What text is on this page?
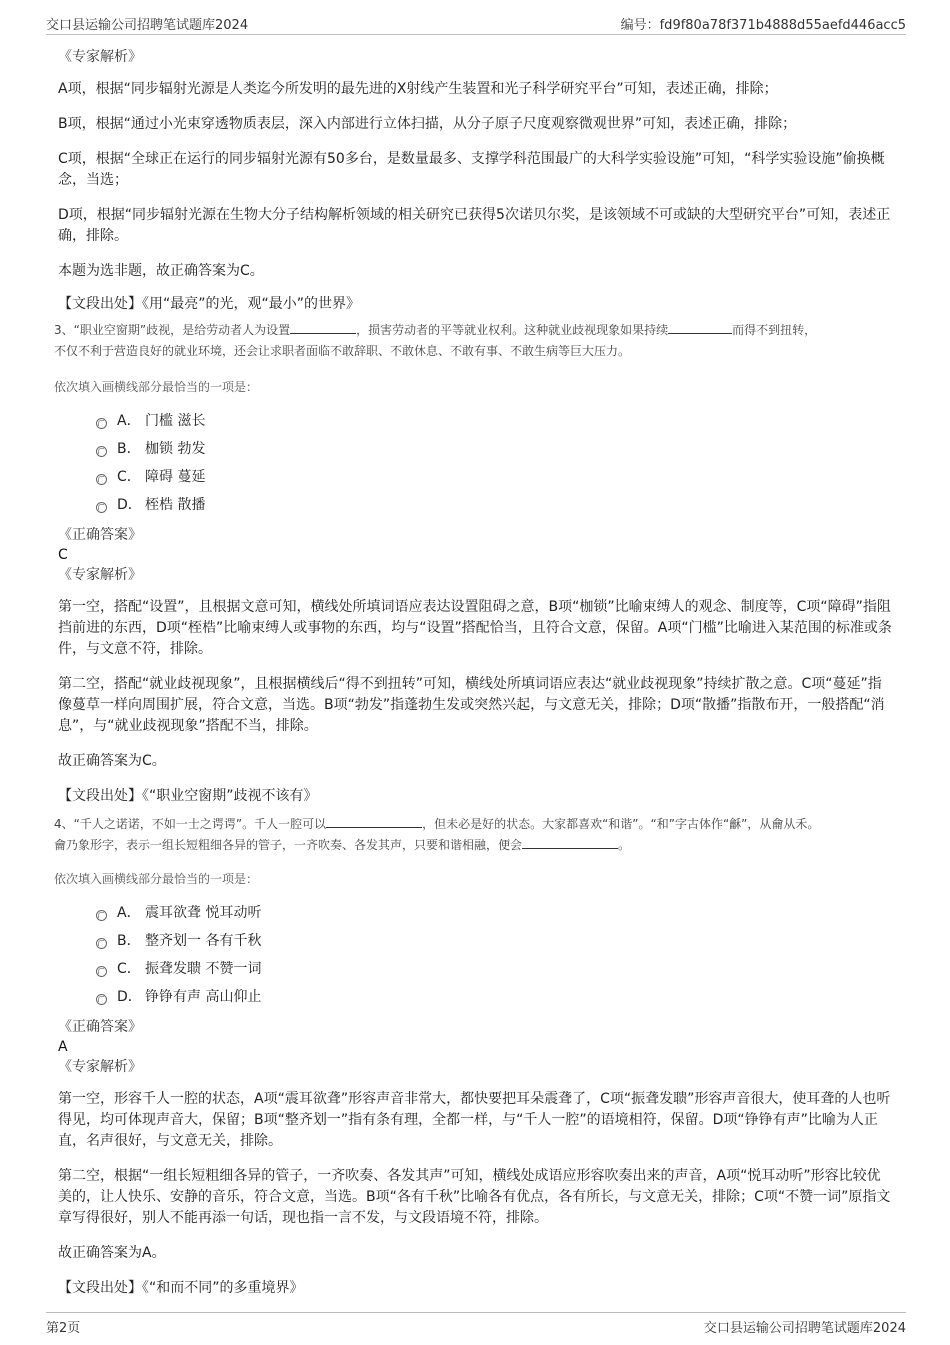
交口县运输公司招聘笔试题库2024	编号：fd9f80a78f371b4888d55aefd446acc5

《专家解析》

A项，根据“同步辐射光源是人类迄今所发明的最先进的X射线产生装置和光子科学研究平台”可知，表述正确，排除；

B项，根据“通过小光束穿透物质表层，深入内部进行立体扫描，从分子原子尺度观察微观世界”可知，表述正确，排除；

C项，根据“全球正在运行的同步辐射光源有50多台，是数量最多、支撑学科范围最广的大科学实验设施”可知，“科学实验设施”偷换概念，当选；

D项，根据“同步辐射光源在生物大分子结构解析领域的相关研究已获得5次诺贝尔奖，是该领域不可或缺的大型研究平台”可知，表述正确，排除。

本题为选非题，故正确答案为C。

【文段出处】《用“最亮”的光，观“最小”的世界》

3、“职业空窗期”歧视，是给劳动者人为设置	，损害劳动者的平等就业权利。这种就业歧视现象如果持续	而得不到扭转，
不仅不利于营造良好的就业环境，还会让求职者面临不敢辞职、不敢休息、不敢有事、不敢生病等巨大压力。

依次填入画横线部分最恰当的一项是：

A． 门槛 滋长
B． 枷锁 勃发
C． 障碍 蔓延
D． 桎梏 散播

《正确答案》

C

《专家解析》

第一空，搭配“设置”，且根据文意可知，横线处所填词语应表达设置阻碍之意，B项“枷锁”比喻束缚人的观念、制度等，C项“障碍”指阻挡前进的东西，D项“桎梏”比喻束缚人或事物的东西，均与“设置”搭配恰当，且符合文意，保留。A项“门槛”比喻进入某范围的标准或条件，与文意不符，排除。

第二空，搭配“就业歧视现象”，且根据横线后“得不到扭转”可知，横线处所填词语应表达“就业歧视现象”持续扩散之意。C项“蔓延”指像蔓草一样向周围扩展，符合文意，当选。B项“勃发”指蓬勃生发或突然兴起，与文意无关，排除；D项“散播”指散布开，一般搭配“消息”，与“就业歧视现象”搭配不当，排除。

故正确答案为C。

【文段出处】《“职业空窗期”歧视不该有》

4、“千人之诺诺，不如一士之谔谔”。千人一腔可以	，但未必是好的状态。大家都喜欢“和谐”。“和”字古体作“龢”，从龠从禾。
龠乃象形字，表示一组长短粗细各异的管子，一齐吹奏、各发其声，只要和谐相融，便会	。

依次填入画横线部分最恰当的一项是：

A． 震耳欲聋 悦耳动听
B． 整齐划一 各有千秋
C． 振聋发聩 不赞一词
D． 铮铮有声 高山仰止

《正确答案》

A

《专家解析》

第一空，形容千人一腔的状态，A项“震耳欲聋”形容声音非常大，都快要把耳朵震聋了，C项“振聋发聩”形容声音很大，使耳聋的人也听得见，均可体现声音大，保留；B项“整齐划一”指有条有理，全都一样，与“千人一腔”的语境相符，保留。D项“铮铮有声”比喻为人正直，名声很好，与文意无关，排除。

第二空，根据“一组长短粗细各异的管子，一齐吹奏、各发其声”可知，横线处成语应形容吹奏出来的声音，A项“悦耳动听”形容比较优美的，让人快乐、安静的音乐，符合文意，当选。B项“各有千秋”比喻各有优点，各有所长，与文意无关，排除；C项“不赞一词”原指文章写得很好，别人不能再添一句话，现也指一言不发，与文段语境不符，排除。

故正确答案为A。

【文段出处】《“和而不同”的多重境界》

第2页	交口县运输公司招聘笔试题库2024
